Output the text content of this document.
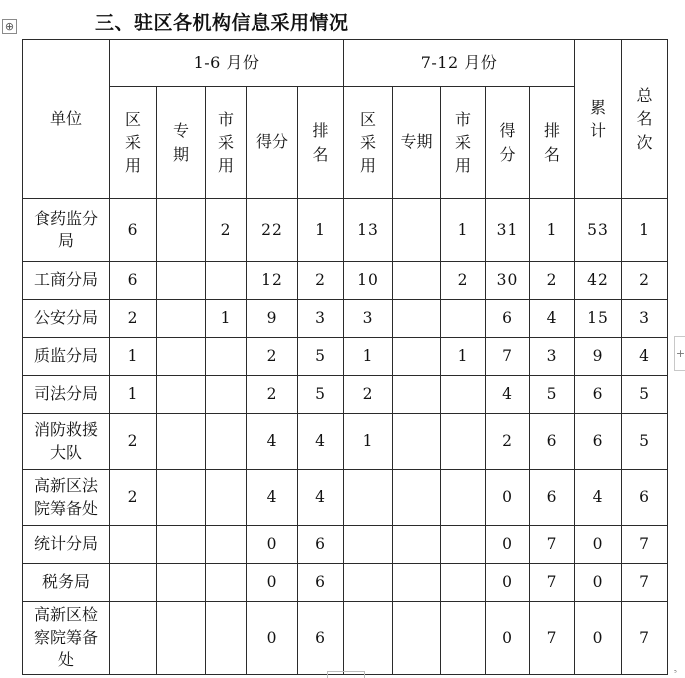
三、驻区各机构信息采用情况
⊕
单位	1-6 月份					7-12 月份					累计	总名次

	区采用	专期	市采用	得分	排名	区采用	专期	市采用	得分	排名		

食药监分局	6		2	22	1	13		1	31	1	53	1

工商分局	6			12	2	10		2	30	2	42	2

公安分局	2		1	9	3	3			6	4	15	3

质监分局	1			2	5	1		1	7	3	9	4

司法分局	1			2	5	2			4	5	6	5

消防救援大队	2			4	4	1			2	6	6	5

高新区法院筹备处	2			4	4				0	6	4	6

统计分局				0	6				0	7	0	7

税务局				0	6				0	7	0	7

高新区检察院筹备处				0	6				0	7	0	7
+
⁵
